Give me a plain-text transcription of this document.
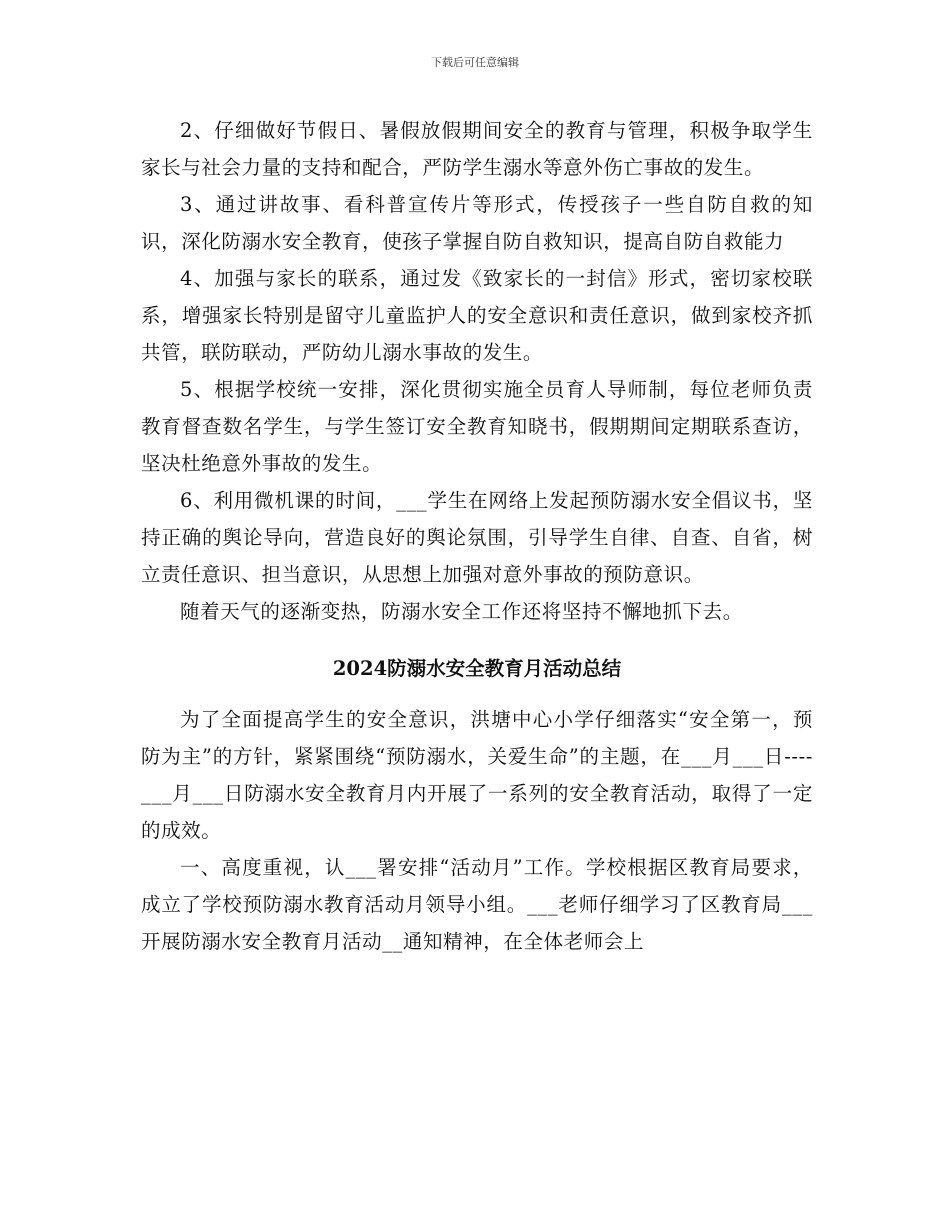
下载后可任意编辑

2、仔细做好节假日、暑假放假期间安全的教育与管理，积极争取学生家长与社会力量的支持和配合，严防学生溺水等意外伤亡事故的发生。

3、通过讲故事、看科普宣传片等形式，传授孩子一些自防自救的知识，深化防溺水安全教育，使孩子掌握自防自救知识，提高自防自救能力

4、加强与家长的联系，通过发《致家长的一封信》形式，密切家校联系，增强家长特别是留守儿童监护人的安全意识和责任意识，做到家校齐抓共管，联防联动，严防幼儿溺水事故的发生。

5、根据学校统一安排，深化贯彻实施全员育人导师制，每位老师负责教育督查数名学生，与学生签订安全教育知晓书，假期期间定期联系查访，坚决杜绝意外事故的发生。

6、利用微机课的时间，___学生在网络上发起预防溺水安全倡议书，坚持正确的舆论导向，营造良好的舆论氛围，引导学生自律、自查、自省，树立责任意识、担当意识，从思想上加强对意外事故的预防意识。

随着天气的逐渐变热，防溺水安全工作还将坚持不懈地抓下去。

2024防溺水安全教育月活动总结

为了全面提高学生的安全意识，洪塘中心小学仔细落实“安全第一，预防为主”的方针，紧紧围绕“预防溺水，关爱生命”的主题，在___月___日----___月___日防溺水安全教育月内开展了一系列的安全教育活动，取得了一定的成效。

一、高度重视，认___署安排“活动月”工作。学校根据区教育局要求，成立了学校预防溺水教育活动月领导小组。___老师仔细学习了区教育局___开展防溺水安全教育月活动__通知精神，在全体老师会上
